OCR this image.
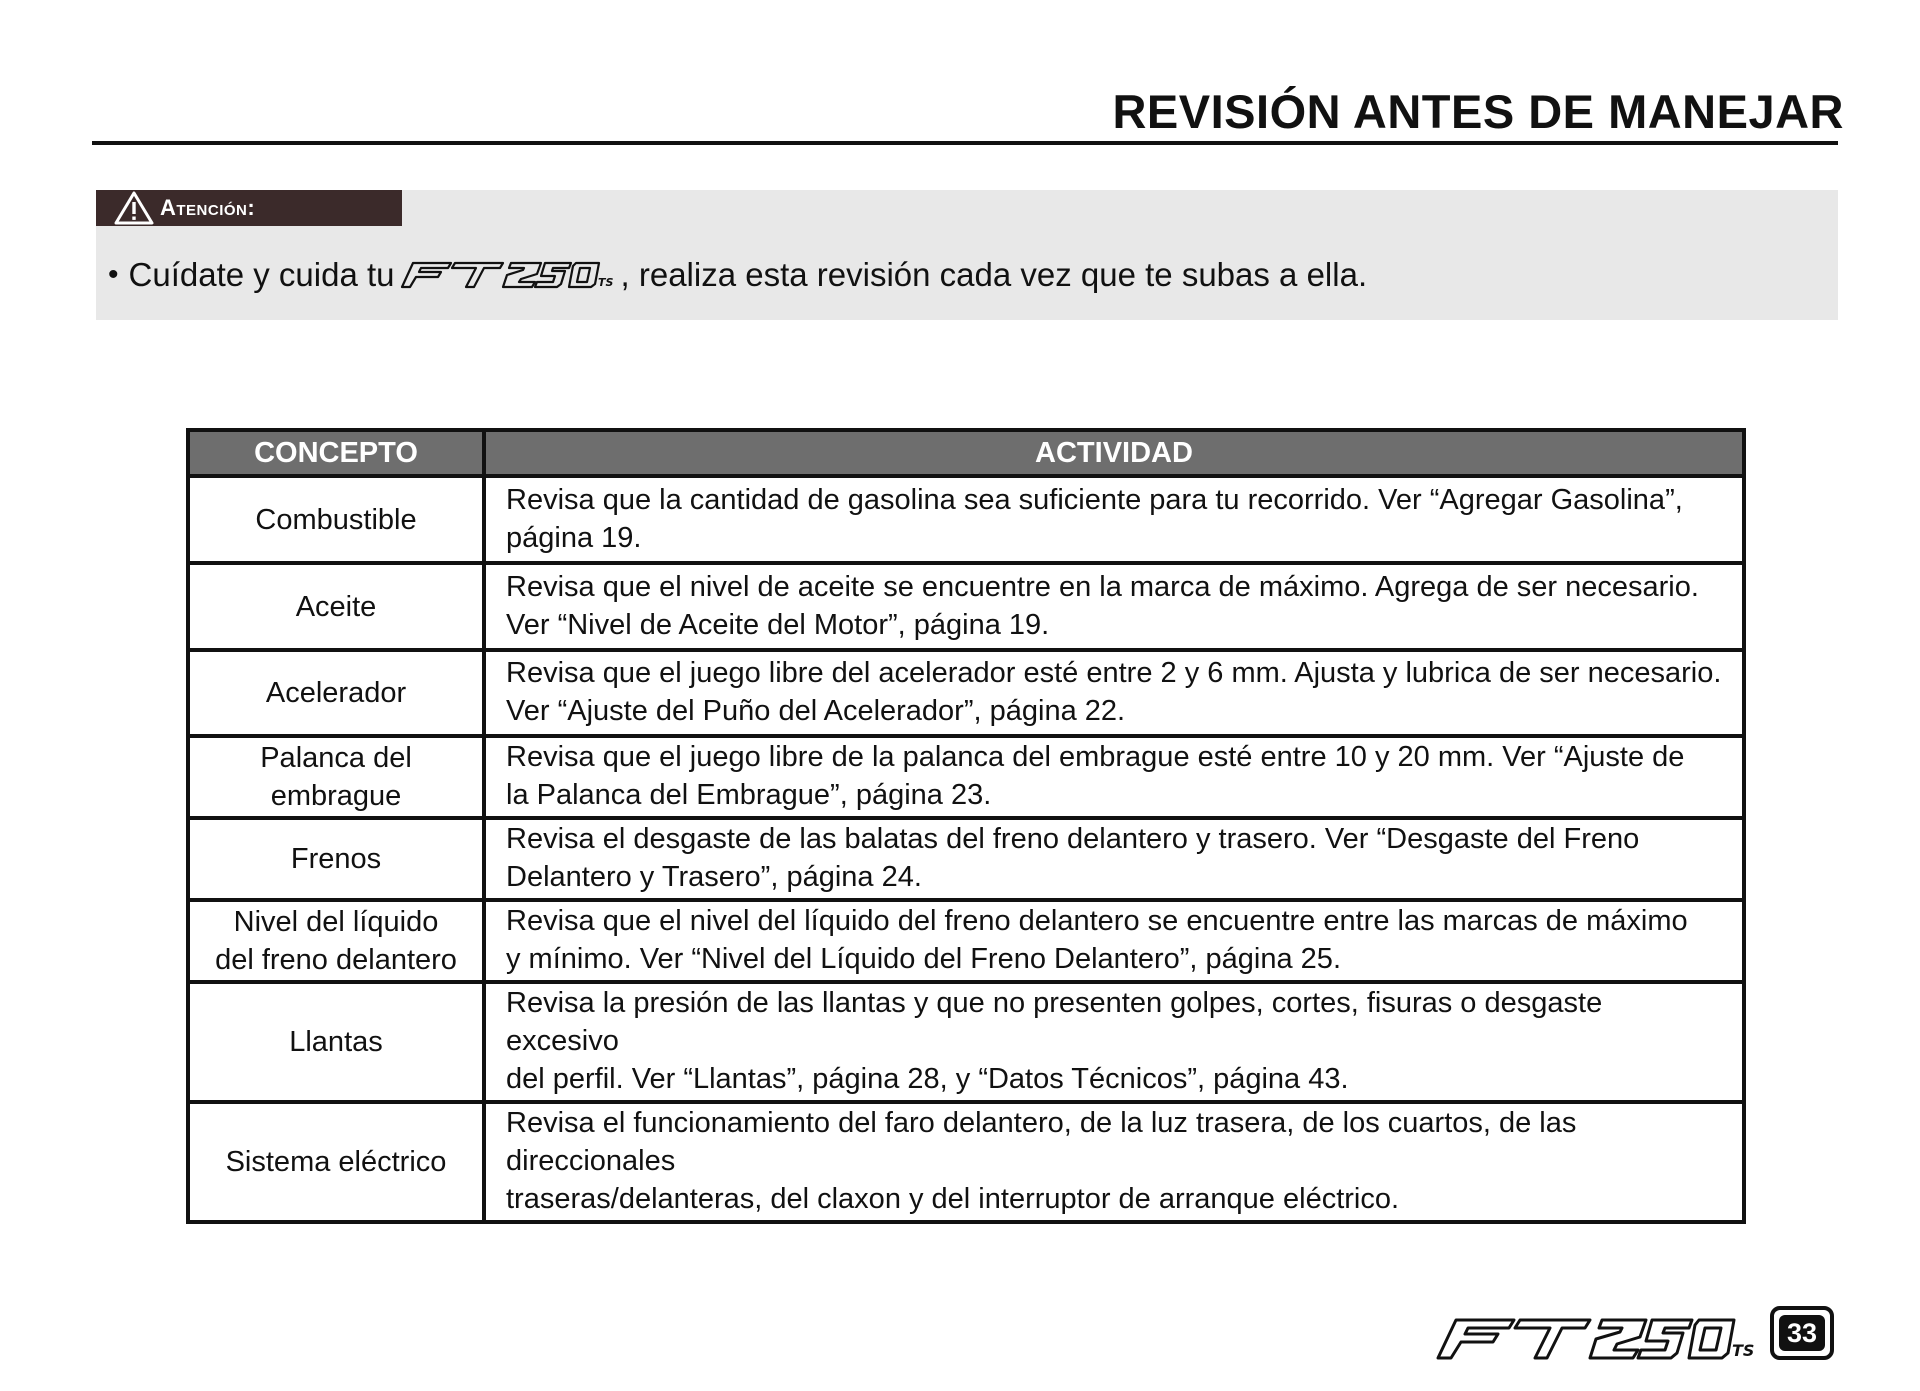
REVISIÓN ANTES DE MANEJAR
Atención:
• Cuídate y cuida tu	TS , realiza esta revisión cada vez que te subas a ella.
CONCEPTO	ACTIVIDAD
Combustible	Revisa que la cantidad de gasolina sea suficiente para tu recorrido. Ver “Agregar Gasolina”,
página 19.
Aceite	Revisa que el nivel de aceite se encuentre en la marca de máximo. Agrega de ser necesario.
Ver “Nivel de Aceite del Motor”, página 19.
Acelerador	Revisa que el juego libre del acelerador esté entre 2 y 6 mm. Ajusta y lubrica de ser necesario.
Ver “Ajuste del Puño del Acelerador”, página 22.
Palanca del
embrague	Revisa que el juego libre de la palanca del embrague esté entre 10 y 20 mm. Ver “Ajuste de
la Palanca del Embrague”, página 23.
Frenos	Revisa el desgaste de las balatas del freno delantero y trasero. Ver “Desgaste del Freno
Delantero y Trasero”, página 24.
Nivel del líquido
del freno delantero	Revisa que el nivel del líquido del freno delantero se encuentre entre las marcas de máximo
y mínimo. Ver “Nivel del Líquido del Freno Delantero”, página 25.
Llantas	Revisa la presión de las llantas y que no presenten golpes, cortes, fisuras o desgaste excesivo
del perfil. Ver “Llantas”, página 28, y “Datos Técnicos”, página 43.
Sistema eléctrico	Revisa el funcionamiento del faro delantero, de la luz trasera, de los cuartos, de las direccionales
traseras/delanteras, del claxon y del interruptor de arranque eléctrico.
TS
33
